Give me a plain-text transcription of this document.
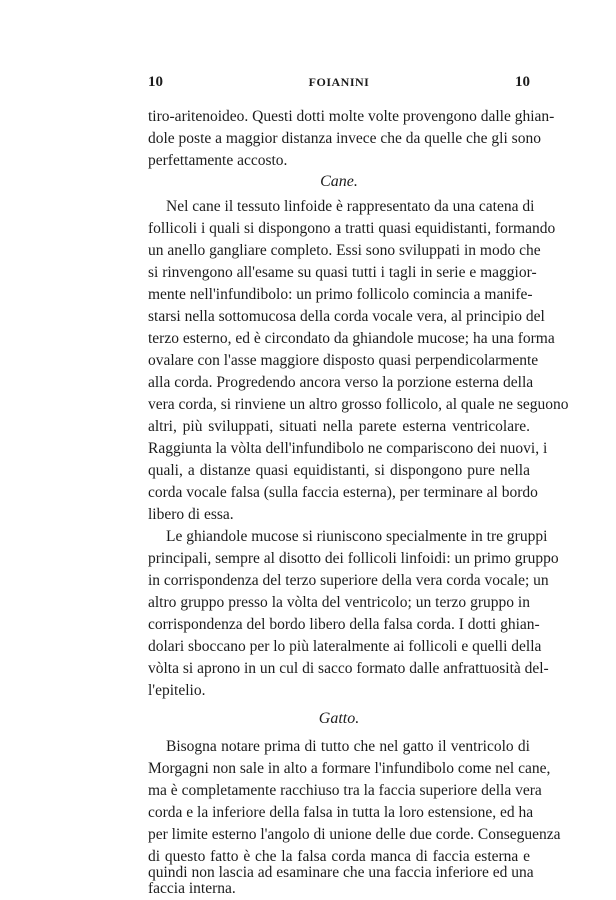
10	FOIANINI	10
tiro-aritenoideo. Questi dotti molte volte provengono dalle ghian-
dole poste a maggior distanza invece che da quelle che gli sono
perfettamente accosto.
Cane.
Nel cane il tessuto linfoide è rappresentato da una catena di
follicoli i quali si dispongono a tratti quasi equidistanti, formando
un anello gangliare completo. Essi sono sviluppati in modo che
si rinvengono all'esame su quasi tutti i tagli in serie e maggior-
mente nell'infundibolo: un primo follicolo comincia a manife-
starsi nella sottomucosa della corda vocale vera, al principio del
terzo esterno, ed è circondato da ghiandole mucose; ha una forma
ovalare con l'asse maggiore disposto quasi perpendicolarmente
alla corda. Progredendo ancora verso la porzione esterna della
vera corda, si rinviene un altro grosso follicolo, al quale ne seguono
altri, più sviluppati, situati nella parete esterna ventricolare.
Raggiunta la vòlta dell'infundibolo ne compariscono dei nuovi, i
quali, a distanze quasi equidistanti, si dispongono pure nella
corda vocale falsa (sulla faccia esterna), per terminare al bordo
libero di essa.
Le ghiandole mucose si riuniscono specialmente in tre gruppi
principali, sempre al disotto dei follicoli linfoidi: un primo gruppo
in corrispondenza del terzo superiore della vera corda vocale; un
altro gruppo presso la vòlta del ventricolo; un terzo gruppo in
corrispondenza del bordo libero della falsa corda. I dotti ghian-
dolari sboccano per lo più lateralmente ai follicoli e quelli della
vòlta si aprono in un cul di sacco formato dalle anfrattuosità del-
l'epitelio.
Gatto.
Bisogna notare prima di tutto che nel gatto il ventricolo di
Morgagni non sale in alto a formare l'infundibolo come nel cane,
ma è completamente racchiuso tra la faccia superiore della vera
corda e la inferiore della falsa in tutta la loro estensione, ed ha
per limite esterno l'angolo di unione delle due corde. Conseguenza
di questo fatto è che la falsa corda manca di faccia esterna e
quindi non lascia ad esaminare che una faccia inferiore ed una
faccia interna.
